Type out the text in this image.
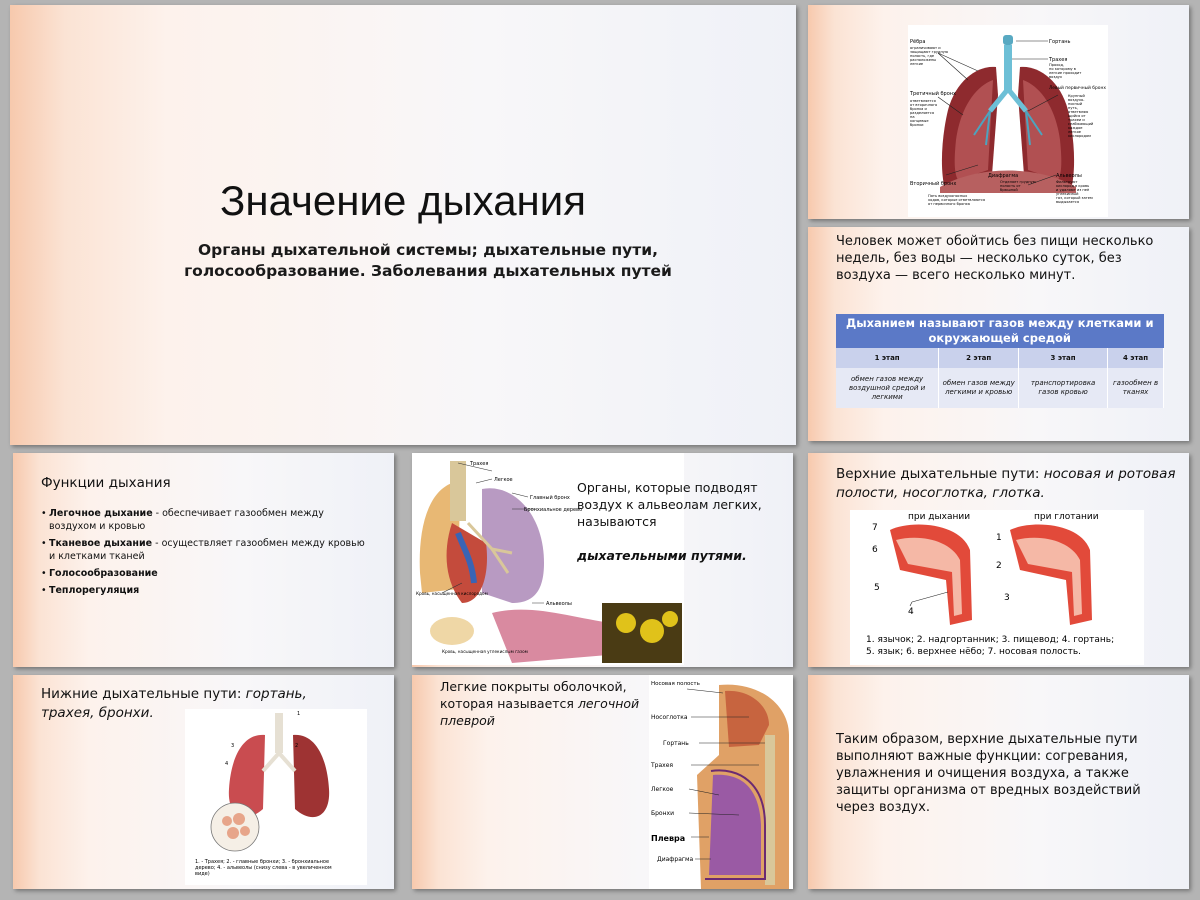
Значение дыхания
Органы дыхательной системы; дыхательные пути,
голосообразование. Заболевания дыхательных путей
Рёбра
ограничивают и
защищают грудную
полость, где
расположены
легкие
Гортань
Трахея
Проход,
по которому в
легкие проходит
воздух
Третичный бронх
ответвляется
от вторичного
бронха и
разделяется
на
концевые
бронхи
Левый первичный бронх
Крупный
воздухо-
носный
путь,
ответвляю
щийся от
трахеи и
снабжающий
каждое
легкое
кислородом
Диафрагма
Отделяет грудную
полость от
брюшной
Вторичный бронх
Пять воздухоносных
ходов, которые ответвляются
от первичного бронха
Альвеолы
Фильтруют
кислород в кровь
и удаляют из неё
углекислый
газ, который затем
выдыхается
Человек может обойтись без пищи несколько недель, без воды — несколько суток, без воздуха — всего несколько минут.
Дыханием называют газов между клетками и окружающей средой			
1 этап	2 этап	3 этап	4 этап
обмен газов между воздушной средой и легкими	обмен газов между легкими и кровью	транспортировка газов кровью	газообмен в тканях
Функции дыхания
• Легочное дыхание - обеспечивает газообмен между воздухом и кровью
• Тканевое дыхание - осуществляет газообмен между кровью и клетками тканей
• Голосообразование
• Теплорегуляция
Трахея
Легкое
Главный бронх
Бронхиальное дерево
Кровь, насыщенная кислородом
Альвеолы
Кровь, насыщенная углекислым газом
Органы, которые подводят воздух к альвеолам легких, называются

дыхательными путями.
Верхние дыхательные пути: носовая и ротовая полости, носоглотка, глотка.
при дыхании	при глотании
7
6
5
4
3
2
1
1. язычок; 2. надгортанник; 3. пищевод; 4. гортань;
5. язык; 6. верхнее нёбо; 7. носовая полость.
Нижние дыхательные пути: гортань, трахея, бронхи.	1
2
3
4
1. - Трахея; 2. - главные бронхи; 3. - бронхиальное
дерево; 4. - альвеолы (снизу слева - в увеличенном
виде)
Легкие покрыты оболочкой, которая называется легочной плеврой
Носовая полость
Носоглотка
Гортань
Трахея
Легкое
Бронхи
Плевра
Диафрагма
Таким образом, верхние дыхательные пути выполняют важные функции: согревания, увлажнения и очищения воздуха, а также защиты организма от вредных воздействий через воздух.
